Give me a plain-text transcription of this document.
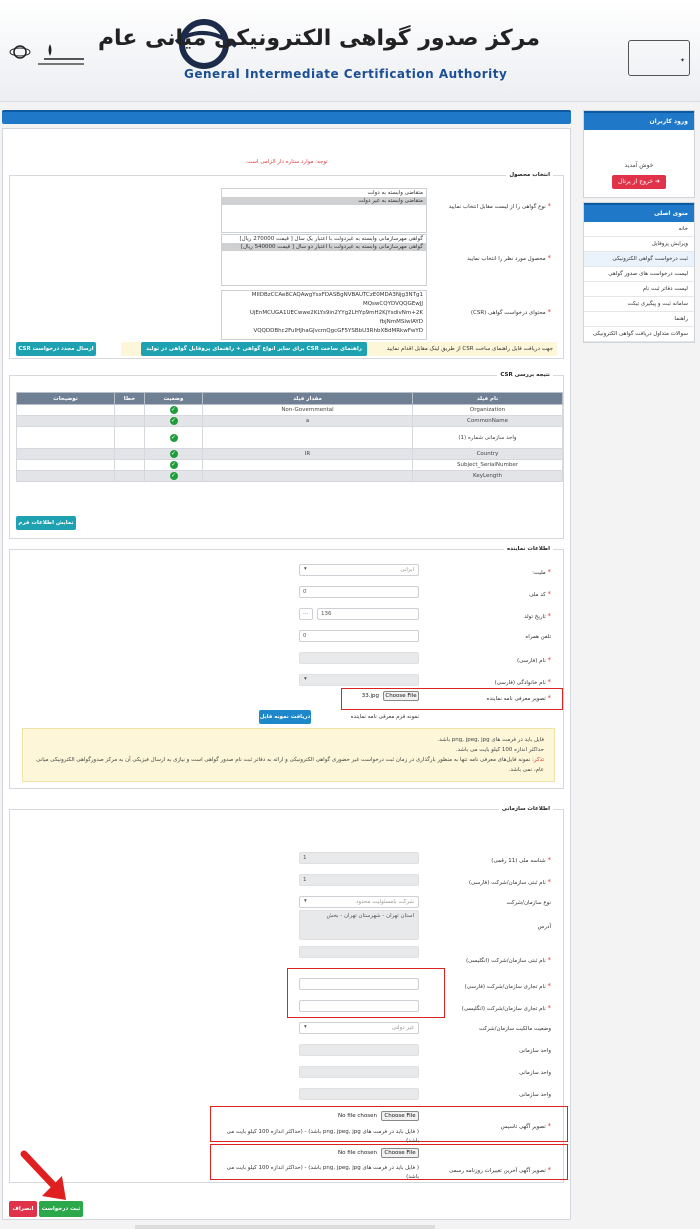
مرکز صدور گواهی الکترونیکی میانی عام
General Intermediate Certification Authority
✦
ورود کاربران
خوش آمدید
➜ خروج از پرتال
منوی اصلی
خانه
ویرایش پروفایل
ثبت درخواست گواهی الکترونیکی
لیست درخواست های صدور گواهی
لیست دفاتر ثبت نام
سامانه ثبت و پیگیری تیکت
راهنما
سوالات متداول دریافت گواهی الکترونیکی
توجه: موارد ستاره دار الزامی است.
انتخاب محصول
* نوع گواهی را از لیست مقابل انتخاب نمایید
متقاضی وابسته به دولت
متقاضی وابسته به غیر دولت
* محصول مورد نظر را انتخاب نمایید
گواهی مهرسازمانی وابسته به غیردولت با اعتبار یک سال [ قیمت 270000 ریال]
گواهی مهرسازمانی وابسته به غیردولت با اعتبار دو سال [ قیمت 540000 ریال]
* محتوای درخواست گواهی (CSR)
MIIDBzCCAe8CAQAwgYsxFDASBgNVBAUTCzE0MDA3Njg3NTg1
MQswCQYDVQQGEwJJ
UjEnMCUGA1UECwwe2KLYs9in2YYg2LHYp9mH2KjYsdivNm+2K
fbjNmMSIwIAYD
VQQDDBhc2FuIHJhaGJvcmQgcGF5YSBbU3RhbXBdMRkwFwYD
جهت دریافت فایل راهنمای ساخت CSR از طریق لینک مقابل اقدام نمایید
راهنمای ساخت CSR برای سایر انواع گواهی + راهنمای پروفایل گواهی در تولید CSR
ارسال مجدد درخواست CSR
نتیجه بررسی CSR
نام فیلد	مقدار فیلد	وضعیت	خطا	توضیحات
Organization	Non-Governmental	✓		
CommonName	a	✓		
واحد سازمانی شماره (1)		✓		
Country	IR	✓		
Subject_SerialNumber		✓		
KeyLength		✓		
نمایش اطلاعات فرم
اطلاعات نماینده
* ملیت:
ایرانی
▾
* کد ملی
0
* تاریخ تولد
136
…
تلفن همراه
0
* نام (فارسی)
* نام خانوادگی (فارسی)
▾
* تصویر معرفی نامه نماینده
Choose File
33.jpg
نمونه فرم معرفی نامه نماینده
دریافت نمونه فایل
فایل باید در فرمت های png, jpeg, jpg باشد.
حداکثر اندازه 100 کیلو بایت می باشد.
تذکر: نمونه فایل‌های معرفی نامه تنها به منظور بارگذاری در زمان ثبت درخواست غیر حضوری گواهی الکترونیکی و ارائه به دفاتر ثبت نام صدور گواهی است و نیازی به ارسال فیزیکی آن به مرکز صدورگواهی الکترونیکی میانی عام، نمی باشد.
اطلاعات سازمانی
* شناسه ملی (11 رقمی)
1
* نام ثبتی سازمان/شرکت (فارسی)
1
نوع سازمان/شرکت
شرکت بامسئولیت محدود
▾
آدرس
استان تهران - شهرستان تهران - بخش
* نام ثبتی سازمان/شرکت (انگلیسی)
* نام تجاری سازمان/شرکت (فارسی)
* نام تجاری سازمان/شرکت (انگلیسی)
وضعیت مالکیت سازمان/شرکت
غیر دولتی
▾
واحد سازمانی
واحد سازمانی
واحد سازمانی
* تصویر آگهی تاسیس
Choose File
No file chosen
( فایل باید در فرمت های png, jpeg, jpg باشد) - (حداکثر اندازه 100 کیلو بایت می باشد)
* تصویر آگهی آخرین تغییرات روزنامه رسمی
Choose File
No file chosen
( فایل باید در فرمت های png, jpeg, jpg باشد) - (حداکثر اندازه 100 کیلو بایت می باشد)
ثبت درخواست
انصراف
